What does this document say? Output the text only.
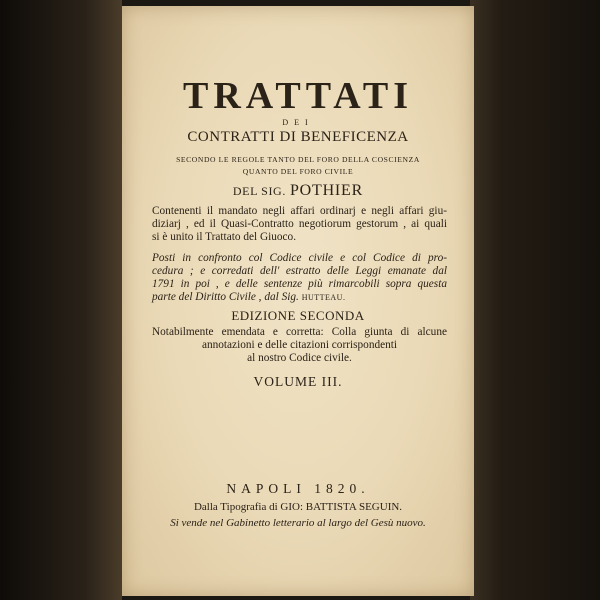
TRATTATI
DEI
CONTRATTI DI BENEFICENZA
SECONDO LE REGOLE TANTO DEL FORO DELLA COSCIENZA
QUANTO DEL FORO CIVILE
DEL SIG. POTHIER
Contenenti il mandato negli affari ordinarj e negli affari giu-
diziarj , ed il Quasi-Contratto negotiorum gestorum , ai quali
si è unito il Trattato del Giuoco.
Posti in confronto col Codice civile e col Codice di pro-
cedura ; e corredati dell' estratto delle Leggi emanate dal
1791 in poi , e delle sentenze più rimarcobili sopra questa
parte del Diritto Civile , dal Sig. HUTTEAU.
EDIZIONE SECONDA
Notabilmente emendata e corretta: Colla giunta di alcune
annotazioni e delle citazioni corrispondenti
al nostro Codice civile.
VOLUME III.
NAPOLI 1820.
Dalla Tipografia di GIO: BATTISTA SEGUIN.
Si vende nel Gabinetto letterario al largo del Gesù nuovo.
